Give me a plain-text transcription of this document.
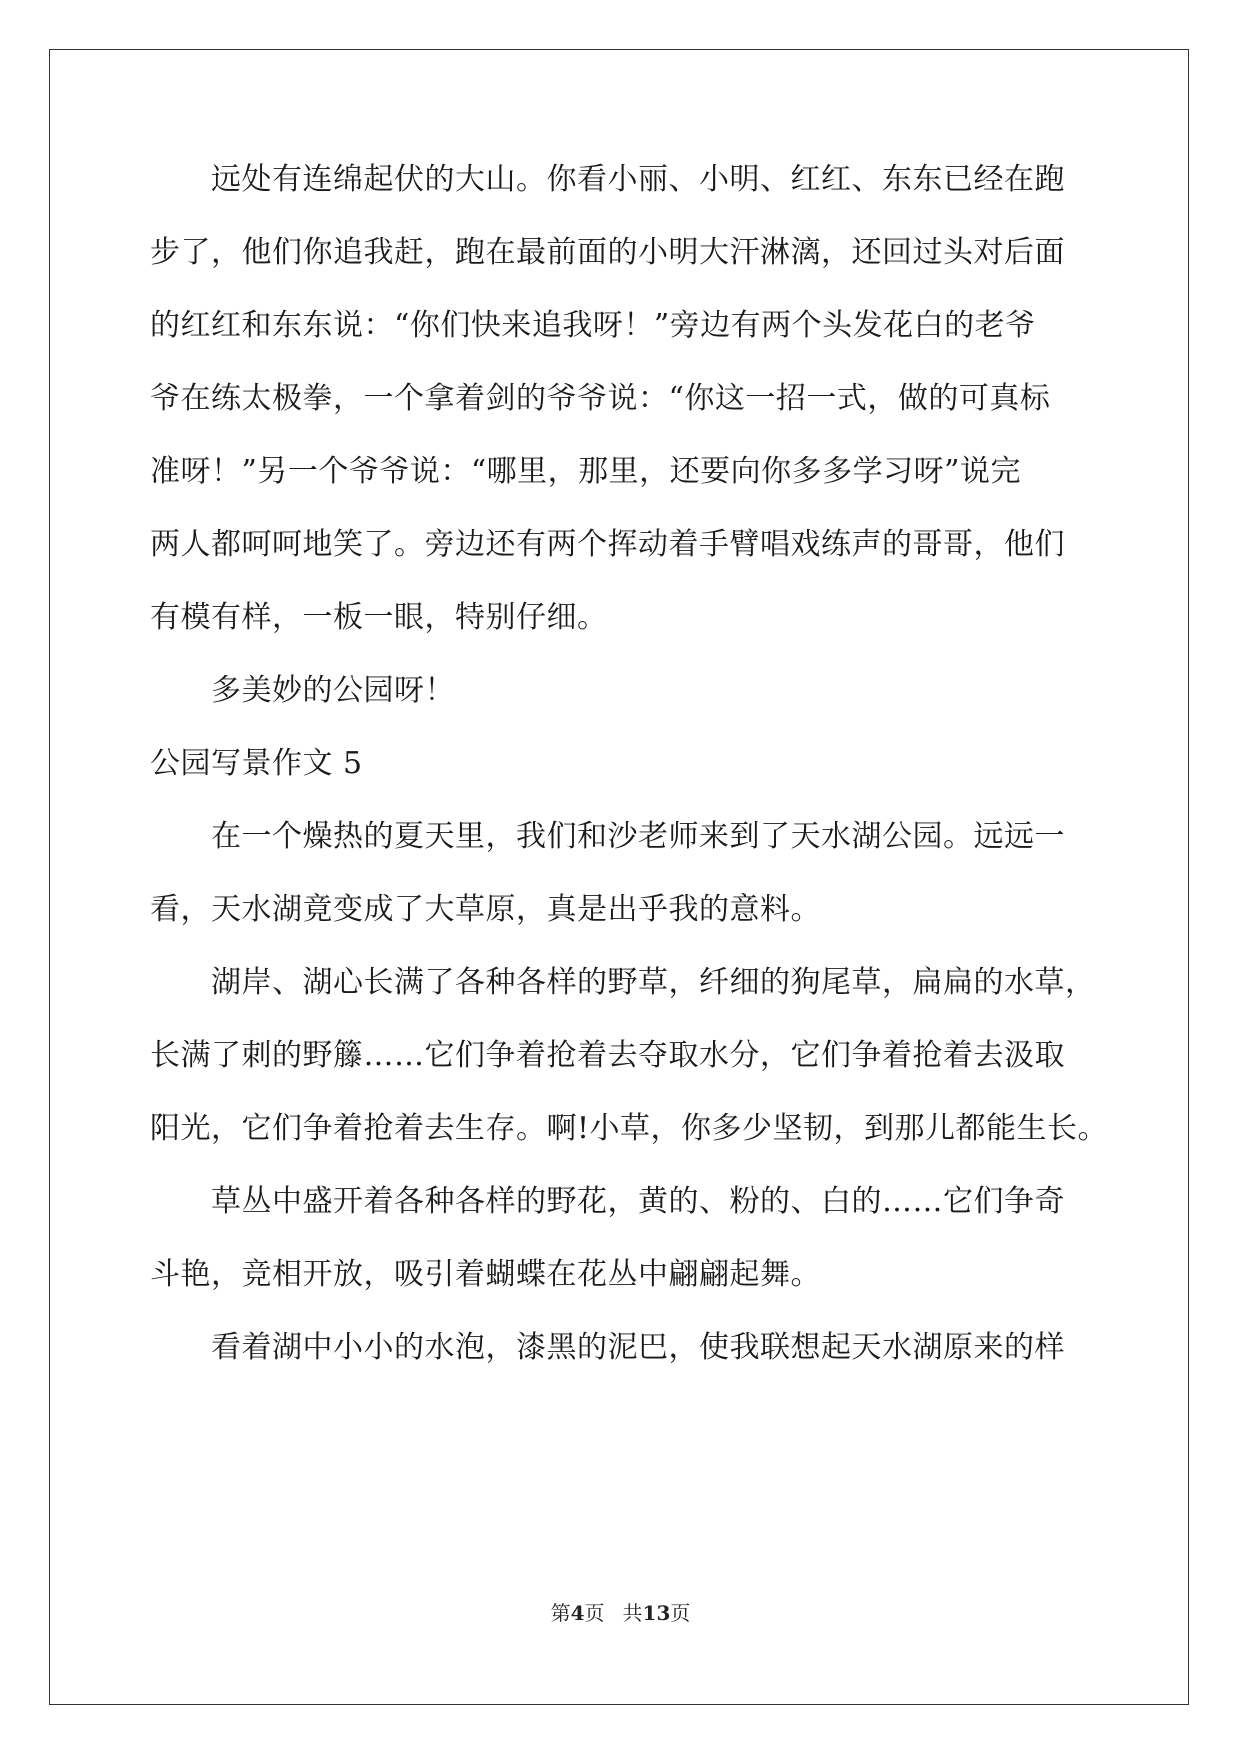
　　远处有连绵起伏的大山。你看小丽、小明、红红、东东已经在跑
步了，他们你追我赶，跑在最前面的小明大汗淋漓，还回过头对后面
的红红和东东说：“你们快来追我呀！”旁边有两个头发花白的老爷
爷在练太极拳，一个拿着剑的爷爷说：“你这一招一式，做的可真标
准呀！”另一个爷爷说：“哪里，那里，还要向你多多学习呀”说完
两人都呵呵地笑了。旁边还有两个挥动着手臂唱戏练声的哥哥，他们
有模有样，一板一眼，特别仔细。
　　多美妙的公园呀！
公园写景作文 5
　　在一个燥热的夏天里，我们和沙老师来到了天水湖公园。远远一
看，天水湖竟变成了大草原，真是出乎我的意料。
　　湖岸、湖心长满了各种各样的野草，纤细的狗尾草，扁扁的水草，
长满了刺的野籐……它们争着抢着去夺取水分，它们争着抢着去汲取
阳光，它们争着抢着去生存。啊!小草，你多少坚韧，到那儿都能生长。
　　草丛中盛开着各种各样的野花，黄的、粉的、白的……它们争奇
斗艳，竞相开放，吸引着蝴蝶在花丛中翩翩起舞。
　　看着湖中小小的水泡，漆黑的泥巴，使我联想起天水湖原来的样
第4页 共13页
